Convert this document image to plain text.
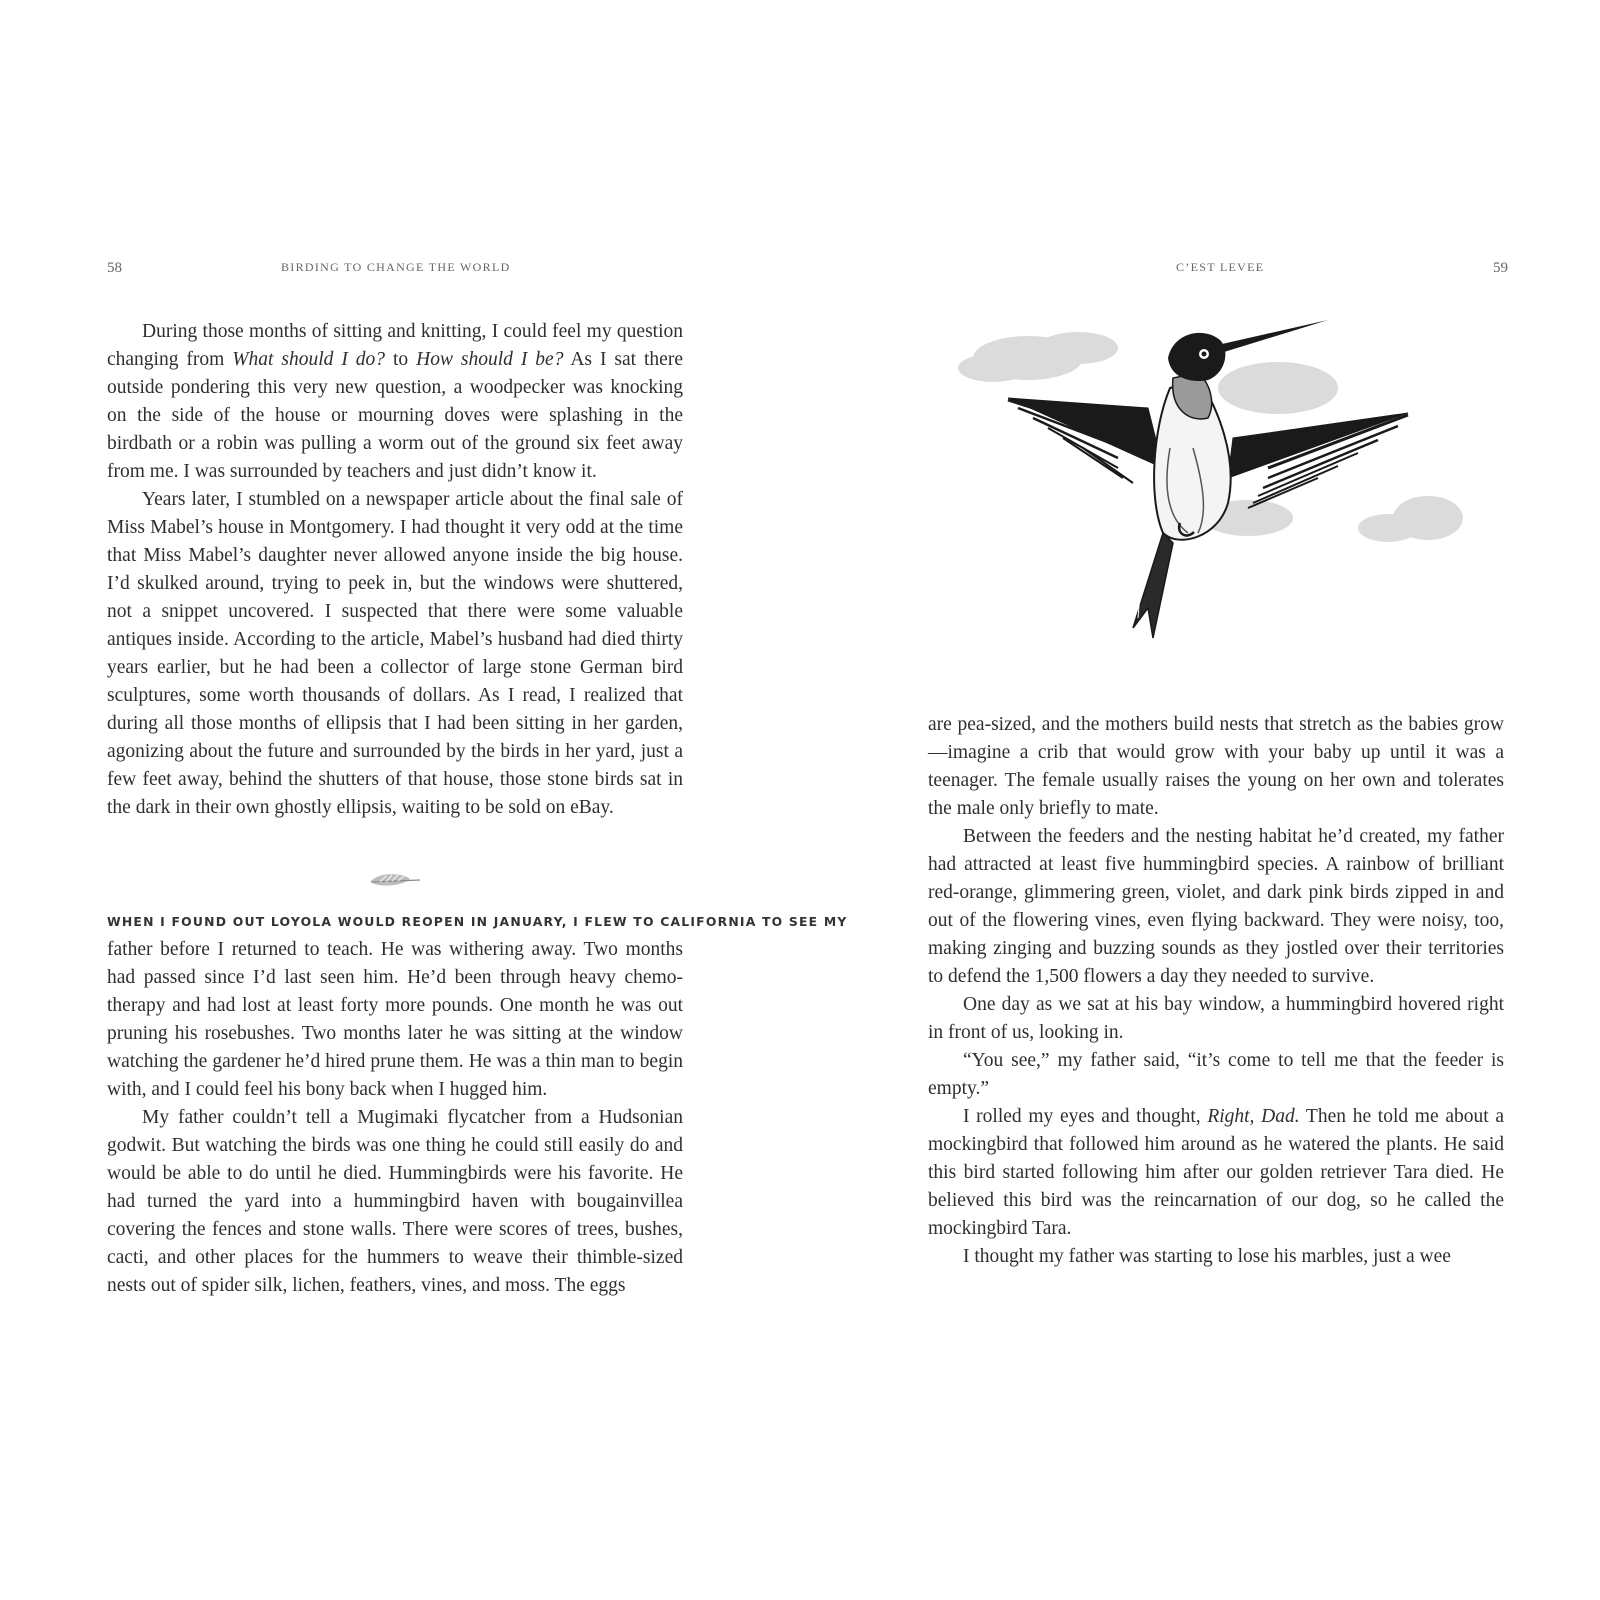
58	BIRDING TO CHANGE THE WORLD

During those months of sitting and knitting, I could feel my question changing from What should I do? to How should I be? As I sat there outside pondering this very new question, a woodpecker was knocking on the side of the house or mourning doves were splashing in the birdbath or a robin was pulling a worm out of the ground six feet away from me. I was surrounded by teachers and just didn’t know it.

Years later, I stumbled on a newspaper article about the final sale of Miss Mabel’s house in Montgomery. I had thought it very odd at the time that Miss Mabel’s daughter never allowed anyone inside the big house. I’d skulked around, trying to peek in, but the windows were shuttered, not a snippet uncovered. I suspected that there were some valuable antiques inside. According to the article, Mabel’s husband had died thirty years earlier, but he had been a collector of large stone German bird sculptures, some worth thousands of dollars. As I read, I realized that during all those months of ellipsis that I had been sitting in her garden, agonizing about the future and surrounded by the birds in her yard, just a few feet away, behind the shutters of that house, those stone birds sat in the dark in their own ghostly ellipsis, waiting to be sold on eBay.

WHEN I FOUND OUT LOYOLA WOULD REOPEN IN JANUARY, I FLEW TO CALIFORNIA TO SEE MY
father before I returned to teach. He was withering away. Two months had passed since I’d last seen him. He’d been through heavy chemotherapy and had lost at least forty more pounds. One month he was out pruning his rosebushes. Two months later he was sitting at the window watching the gardener he’d hired prune them. He was a thin man to begin with, and I could feel his bony back when I hugged him.

My father couldn’t tell a Mugimaki flycatcher from a Hudsonian godwit. But watching the birds was one thing he could still easily do and would be able to do until he died. Hummingbirds were his favorite. He had turned the yard into a hummingbird haven with bougainvillea covering the fences and stone walls. There were scores of trees, bushes, cacti, and other places for the hummers to weave their thimble-sized nests out of spider silk, lichen, feathers, vines, and moss. The eggs

C’EST LEVEE	59

are pea-sized, and the mothers build nests that stretch as the babies grow—imagine a crib that would grow with your baby up until it was a teenager. The female usually raises the young on her own and tolerates the male only briefly to mate.

Between the feeders and the nesting habitat he’d created, my father had attracted at least five hummingbird species. A rainbow of brilliant red-orange, glimmering green, violet, and dark pink birds zipped in and out of the flowering vines, even flying backward. They were noisy, too, making zinging and buzzing sounds as they jostled over their territories to defend the 1,500 flowers a day they needed to survive.

One day as we sat at his bay window, a hummingbird hovered right in front of us, looking in.

“You see,” my father said, “it’s come to tell me that the feeder is empty.”

I rolled my eyes and thought, Right, Dad. Then he told me about a mockingbird that followed him around as he watered the plants. He said this bird started following him after our golden retriever Tara died. He believed this bird was the reincarnation of our dog, so he called the mockingbird Tara.

I thought my father was starting to lose his marbles, just a wee
